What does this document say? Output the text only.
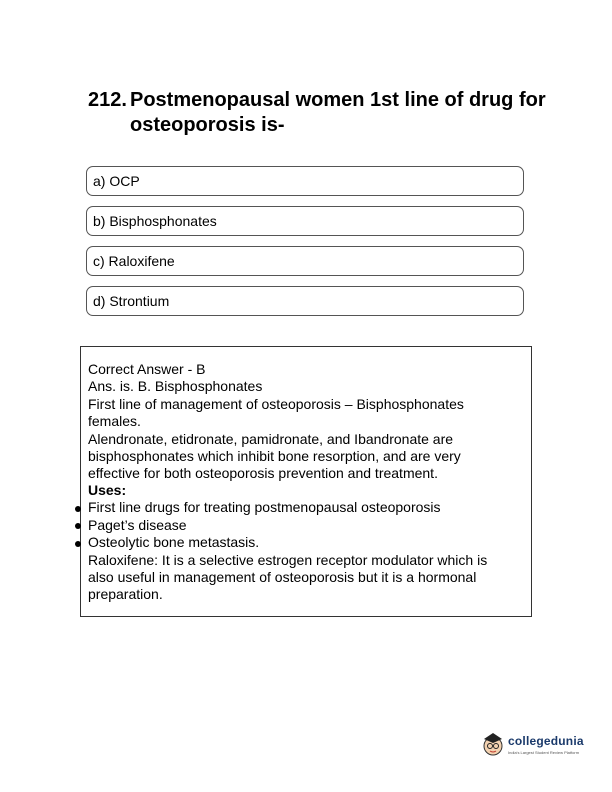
212. Postmenopausal women 1st line of drug for osteoporosis is-
a) OCP
b) Bisphosphonates
c) Raloxifene
d) Strontium
Correct Answer - B
Ans. is. B. Bisphosphonates
First line of management of osteoporosis – Bisphosphonates
females.
Alendronate, etidronate, pamidronate, and Ibandronate are
bisphosphonates which inhibit bone resorption, and are very
effective for both osteoporosis prevention and treatment.
Uses:
First line drugs for treating postmenopausal osteoporosis
Paget’s disease
Osteolytic bone metastasis.
Raloxifene: It is a selective estrogen receptor modulator which is
also useful in management of osteoporosis but it is a hormonal
preparation.
collegedunia
India's Largest Student Review Platform
